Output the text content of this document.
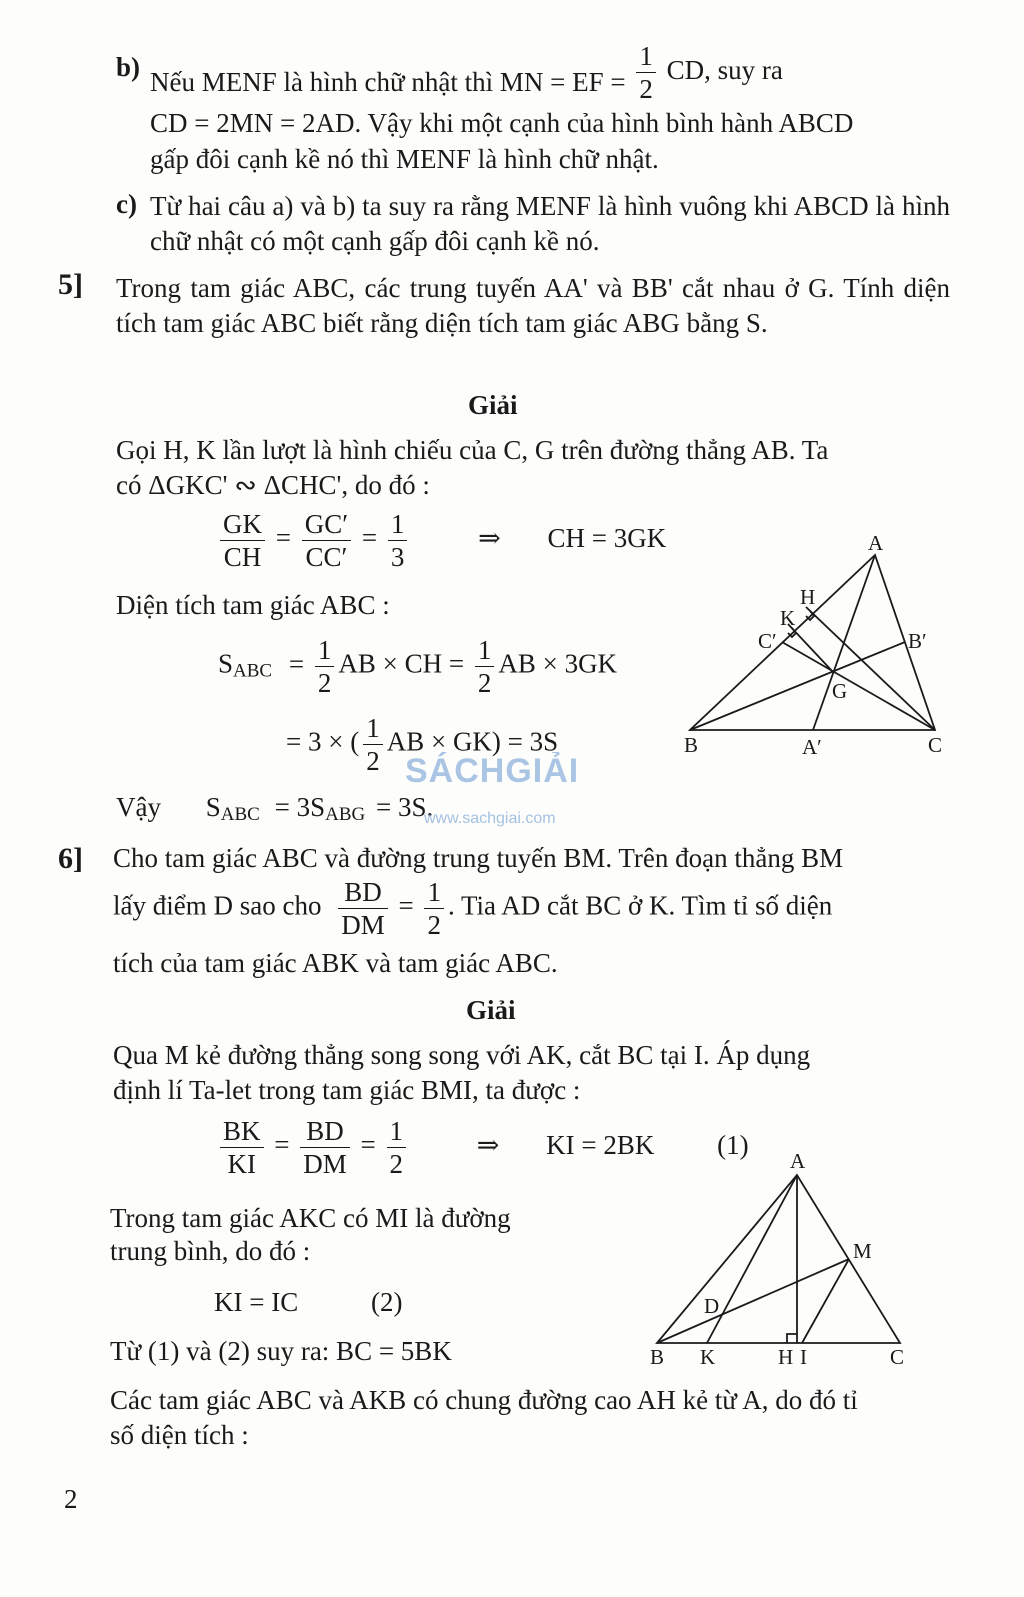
b) Nếu MENF là hình chữ nhật thì MN = EF = $\frac{1}{2}$ CD, suy ra
CD = 2MN = 2AD. Vậy khi một cạnh của hình bình hành ABCD
gấp đôi cạnh kề nó thì MENF là hình chữ nhật.
c) Từ hai câu a) và b) ta suy ra rằng MENF là hình vuông khi ABCD là hình chữ nhật có một cạnh gấp đôi cạnh kề nó.
5] Trong tam giác ABC, các trung tuyến AA' và BB' cắt nhau ở G. Tính diện tích tam giác ABC biết rằng diện tích tam giác ABG bằng S.
Giải
Gọi H, K lần lượt là hình chiếu của C, G trên đường thẳng AB. Ta
có ΔGKC' ∾ ΔCHC', do đó :
$\frac{GK}{CH} = \frac{GC'}{CC'} = \frac{1}{3}$	⇒ CH = 3GK
Diện tích tam giác ABC :
$S_{ABC} = \frac{1}{2}$ AB × CH = $\frac{1}{2}$ AB × 3GK
= 3 × ( $\frac{1}{2}$ AB × GK) = 3S
Vậy $S_{ABC} = 3S_{ABG} = 3S$.
A
B	C
A′
B′
C′
G
H
K
SÁCHGIẢI
www.sachgiai.com
6] Cho tam giác ABC và đường trung tuyến BM. Trên đoạn thẳng BM
lấy điểm D sao cho $\frac{BD}{DM} = \frac{1}{2}$ . Tia AD cắt BC ở K. Tìm tỉ số diện
tích của tam giác ABK và tam giác ABC.
Giải
Qua M kẻ đường thẳng song song với AK, cắt BC tại I. Áp dụng
định lí Ta-let trong tam giác BMI, ta được :
$\frac{BK}{KI} = \frac{BD}{DM} = \frac{1}{2}$	⇒ KI = 2BK (1)
Trong tam giác AKC có MI là đường
trung bình, do đó :
KI = IC	(2)
Từ (1) và (2) suy ra: BC = 5BK
Các tam giác ABC và AKB có chung đường cao AH kẻ từ A, do đó tỉ
số diện tích :
A
B	C
D
H I
K
M
2
